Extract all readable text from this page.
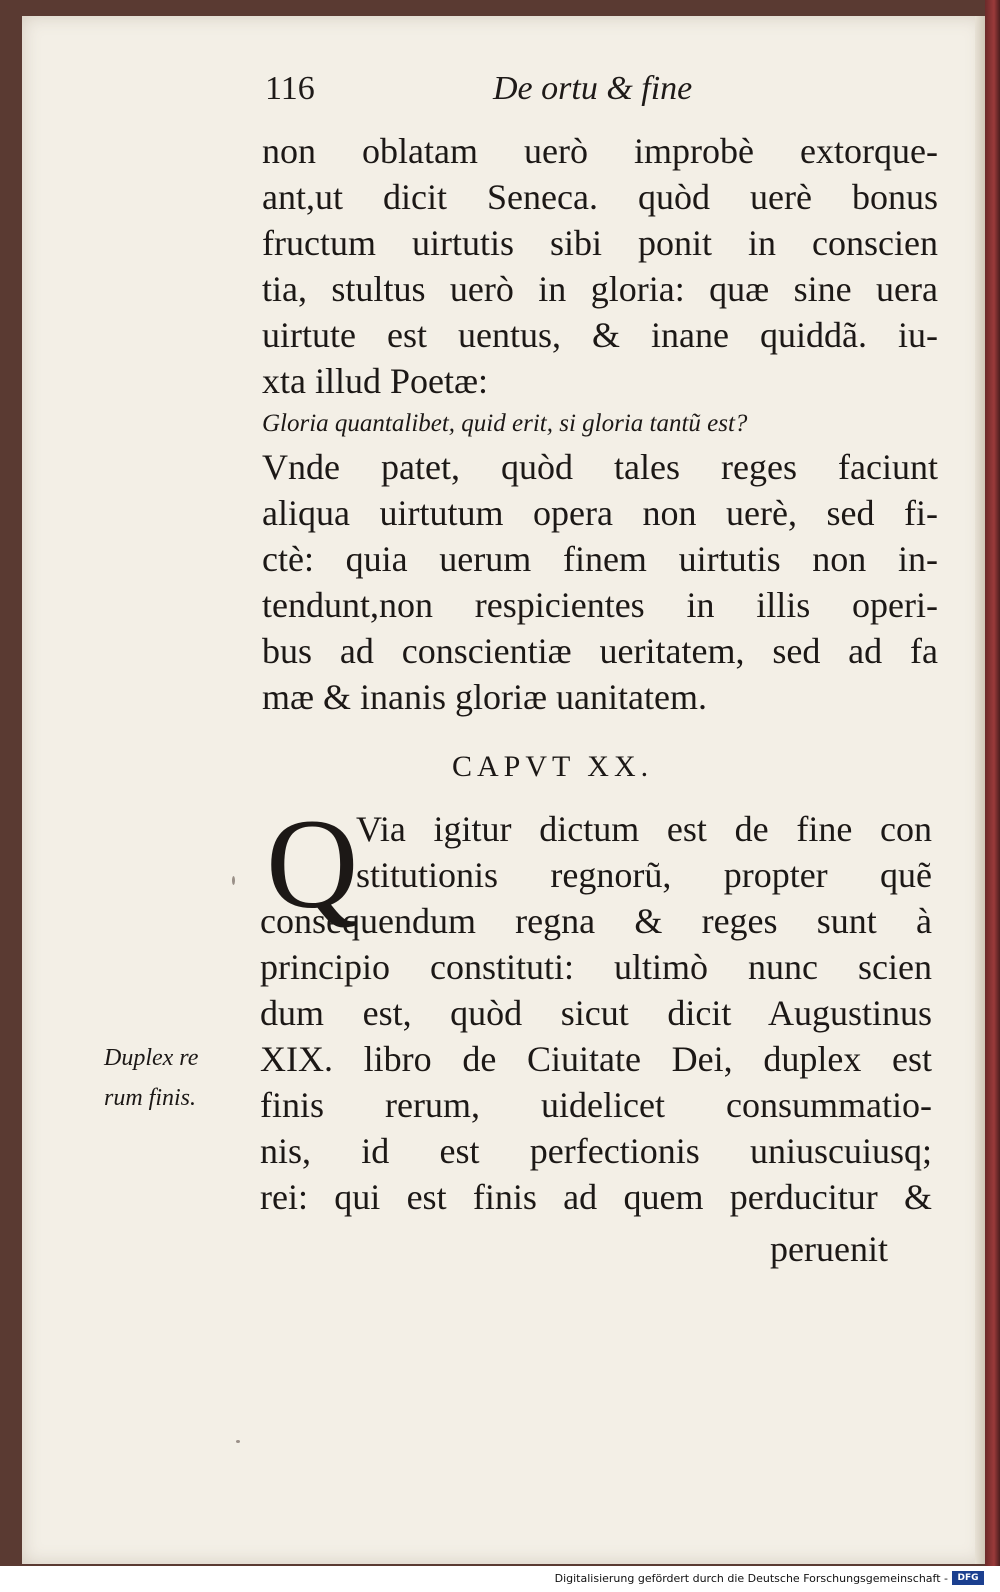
116	De ortu & fine
non oblatam uerò improbè extorque-
ant,ut dicit Seneca. quòd uerè bonus
fructum uirtutis sibi ponit in conscien
tia, stultus uerò in gloria: quæ sine uera
uirtute est uentus, & inane quiddã. iu-
xta illud Poetæ:
Gloria quantalibet, quid erit, si gloria tantũ est?
Vnde patet, quòd tales reges faciunt
aliqua uirtutum opera non uerè, sed fi-
ctè: quia uerum finem uirtutis non in-
tendunt,non respicientes in illis operi-
bus ad conscientiæ ueritatem, sed ad fa
mæ & inanis gloriæ uanitatem.
CAPVT XX.
Q
Via igitur dictum est de fine con
stitutionis regnorũ, propter quẽ
consequendum regna & reges sunt à
principio constituti: ultimò nunc scien
dum est, quòd sicut dicit Augustinus
XIX. libro de Ciuitate Dei, duplex est
finis rerum, uidelicet consummatio-
nis, id est perfectionis uniuscuiusq;
rei: qui est finis ad quem perducitur &
peruenit
Duplex re
rum finis.
Digitalisierung gefördert durch die Deutsche Forschungsgemeinschaft -	DFG
